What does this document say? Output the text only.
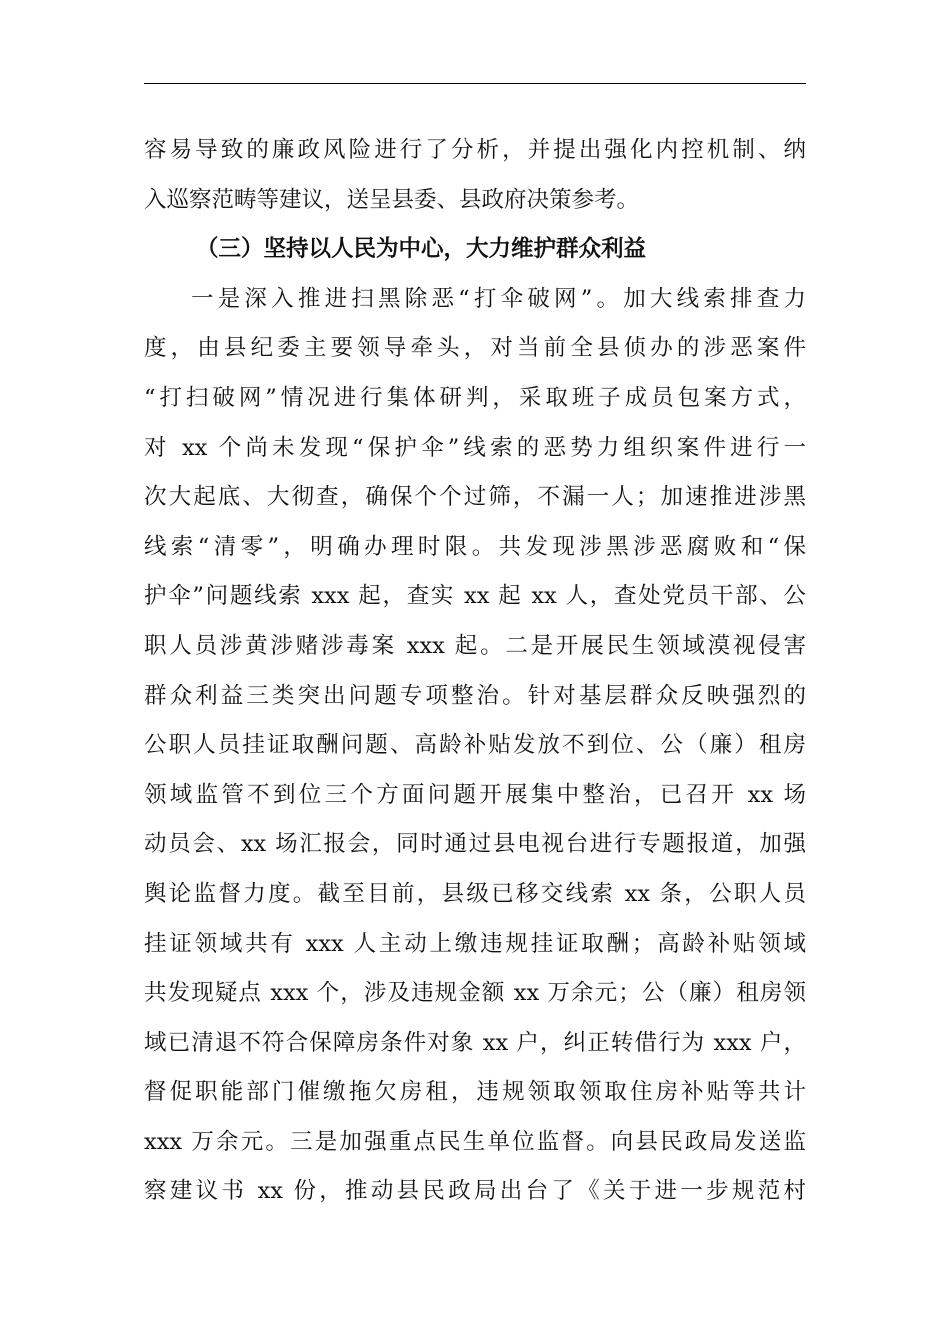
容易导致的廉政风险进行了分析，并提出强化内控机制、纳
入巡察范畴等建议，送呈县委、县政府决策参考。
（三）坚持以人民为中心，大力维护群众利益
一是深入推进扫黑除恶“打伞破网”。加大线索排查力
度，由县纪委主要领导牵头，对当前全县侦办的涉恶案件
“打扫破网”情况进行集体研判，采取班子成员包案方式，
对 xx 个尚未发现“保护伞”线索的恶势力组织案件进行一
次大起底、大彻查，确保个个过筛，不漏一人；加速推进涉黑
线索“清零”，明确办理时限。共发现涉黑涉恶腐败和“保
护伞”问题线索 xxx 起，查实 xx 起 xx 人，查处党员干部、公
职人员涉黄涉赌涉毒案 xxx 起。二是开展民生领域漠视侵害
群众利益三类突出问题专项整治。针对基层群众反映强烈的
公职人员挂证取酬问题、高龄补贴发放不到位、公（廉）租房
领域监管不到位三个方面问题开展集中整治，已召开 xx 场
动员会、xx 场汇报会，同时通过县电视台进行专题报道，加强
舆论监督力度。截至目前，县级已移交线索 xx 条，公职人员
挂证领域共有 xxx 人主动上缴违规挂证取酬；高龄补贴领域
共发现疑点 xxx 个，涉及违规金额 xx 万余元；公（廉）租房领
域已清退不符合保障房条件对象 xx 户，纠正转借行为 xxx 户，
督促职能部门催缴拖欠房租，违规领取领取住房补贴等共计
xxx 万余元。三是加强重点民生单位监督。向县民政局发送监
察建议书 xx 份，推动县民政局出台了《关于进一步规范村
